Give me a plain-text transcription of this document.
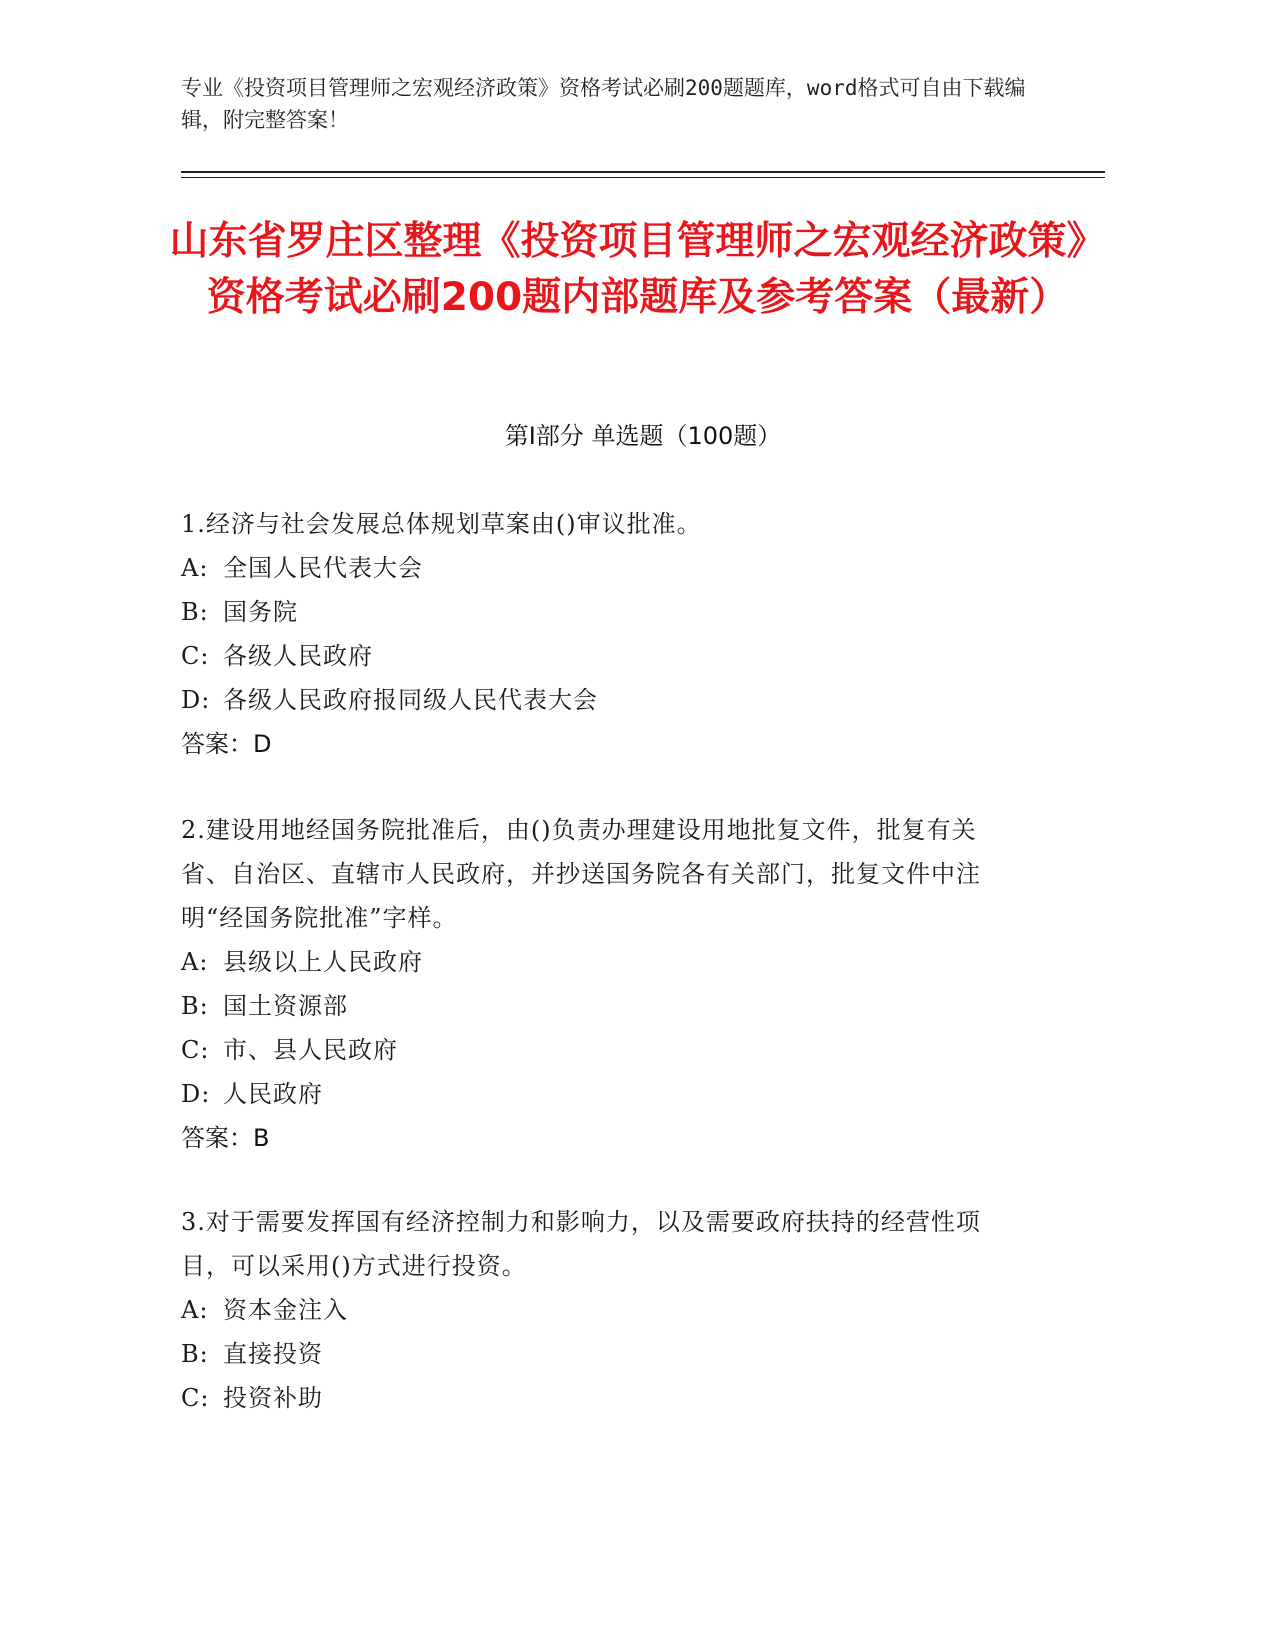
专业《投资项目管理师之宏观经济政策》资格考试必刷200题题库，word格式可自由下载编辑，附完整答案！
山东省罗庄区整理《投资项目管理师之宏观经济政策》资格考试必刷200题内部题库及参考答案（最新）
第Ⅰ部分 单选题（100题）
1.经济与社会发展总体规划草案由()审议批准。
A: 全国人民代表大会
B: 国务院
C: 各级人民政府
D: 各级人民政府报同级人民代表大会
答案：D
2.建设用地经国务院批准后，由()负责办理建设用地批复文件，批复有关省、自治区、直辖市人民政府，并抄送国务院各有关部门，批复文件中注明“经国务院批准”字样。
A: 县级以上人民政府
B: 国土资源部
C: 市、县人民政府
D: 人民政府
答案：B
3.对于需要发挥国有经济控制力和影响力，以及需要政府扶持的经营性项目，可以采用()方式进行投资。
A: 资本金注入
B: 直接投资
C: 投资补助
